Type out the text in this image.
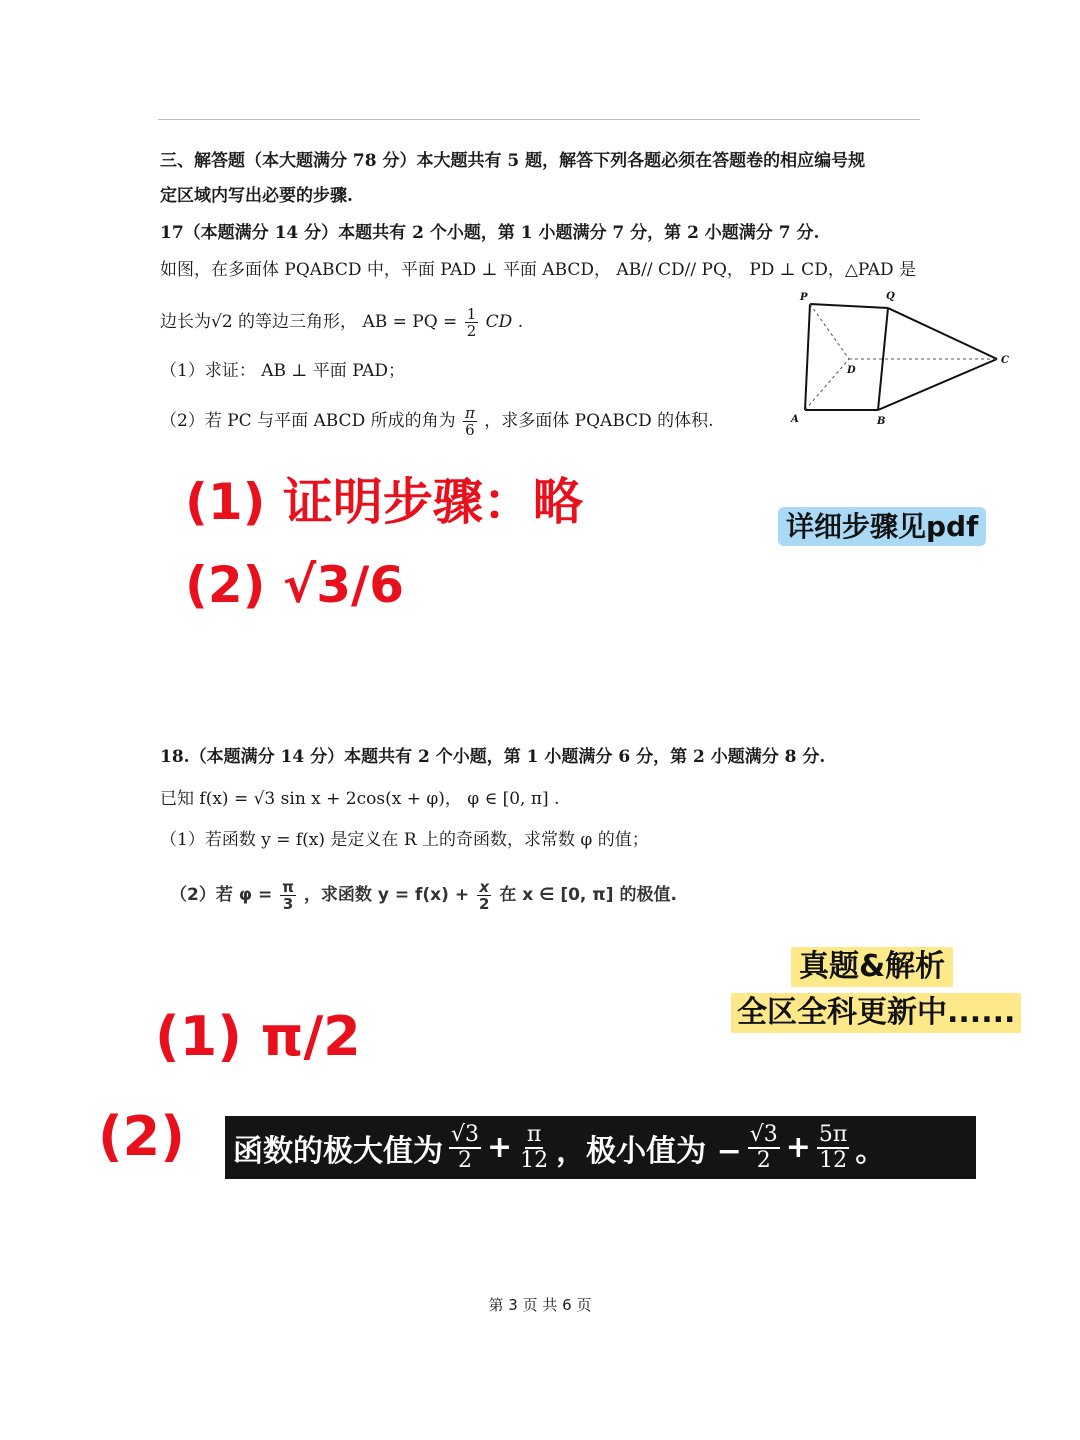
三、解答题（本大题满分 78 分）本大题共有 5 题，解答下列各题必须在答题卷的相应编号规
定区域内写出必要的步骤.
17（本题满分 14 分）本题共有 2 个小题，第 1 小题满分 7 分，第 2 小题满分 7 分.
如图，在多面体 PQABCD 中，平面 PAD ⊥ 平面 ABCD， AB// CD// PQ， PD ⊥ CD，△PAD 是
边长为√2 的等边三角形， AB = PQ = $\frac{1}{2}$ CD .
（1）求证： AB ⊥ 平面 PAD；
（2）若 PC 与平面 ABCD 所成的角为 $\frac{\pi}{6}$ ，求多面体 PQABCD 的体积.
P	Q
D
C
A	B
(1) 证明步骤：略
(2) √3/6
详细步骤见pdf
18.（本题满分 14 分）本题共有 2 个小题，第 1 小题满分 6 分，第 2 小题满分 8 分.
已知 f(x) = √3 sin x + 2cos(x + φ)， φ ∈ [0, π] .
（1）若函数 y = f(x) 是定义在 R 上的奇函数，求常数 φ 的值；
（2）若 $\varphi = \frac{\pi}{3}$ ，求函数 $y = f(x) + \frac{x}{2}$ 在 x ∈ [0, π] 的极值.
真题&解析
全区全科更新中......
(1) π/2
(2) 函数的极大值为 $\frac{√3}{2} + \frac{\pi}{12}$ ，极小值为 − $\frac{√3}{2} + \frac{5\pi}{12}$ 。
第 3 页 共 6 页
